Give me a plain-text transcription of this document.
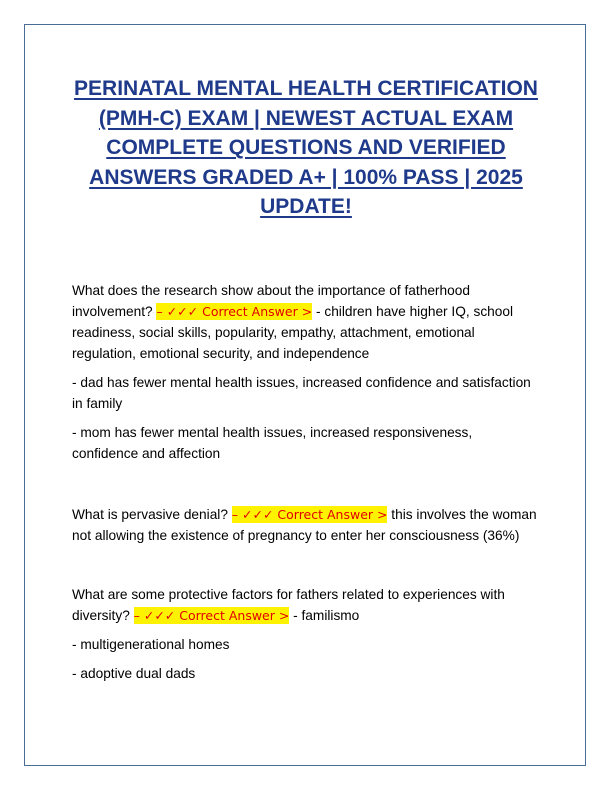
PERINATAL MENTAL HEALTH CERTIFICATION (PMH-C) EXAM | NEWEST ACTUAL EXAM COMPLETE QUESTIONS AND VERIFIED ANSWERS GRADED A+ | 100% PASS | 2025 UPDATE!

What does the research show about the importance of fatherhood involvement? – ✓✓✓ Correct Answer > - children have higher IQ, school readiness, social skills, popularity, empathy, attachment, emotional regulation, emotional security, and independence

- dad has fewer mental health issues, increased confidence and satisfaction in family

- mom has fewer mental health issues, increased responsiveness, confidence and affection

What is pervasive denial? – ✓✓✓ Correct Answer > this involves the woman not allowing the existence of pregnancy to enter her consciousness (36%)

What are some protective factors for fathers related to experiences with diversity? – ✓✓✓ Correct Answer > - familismo

- multigenerational homes

- adoptive dual dads
